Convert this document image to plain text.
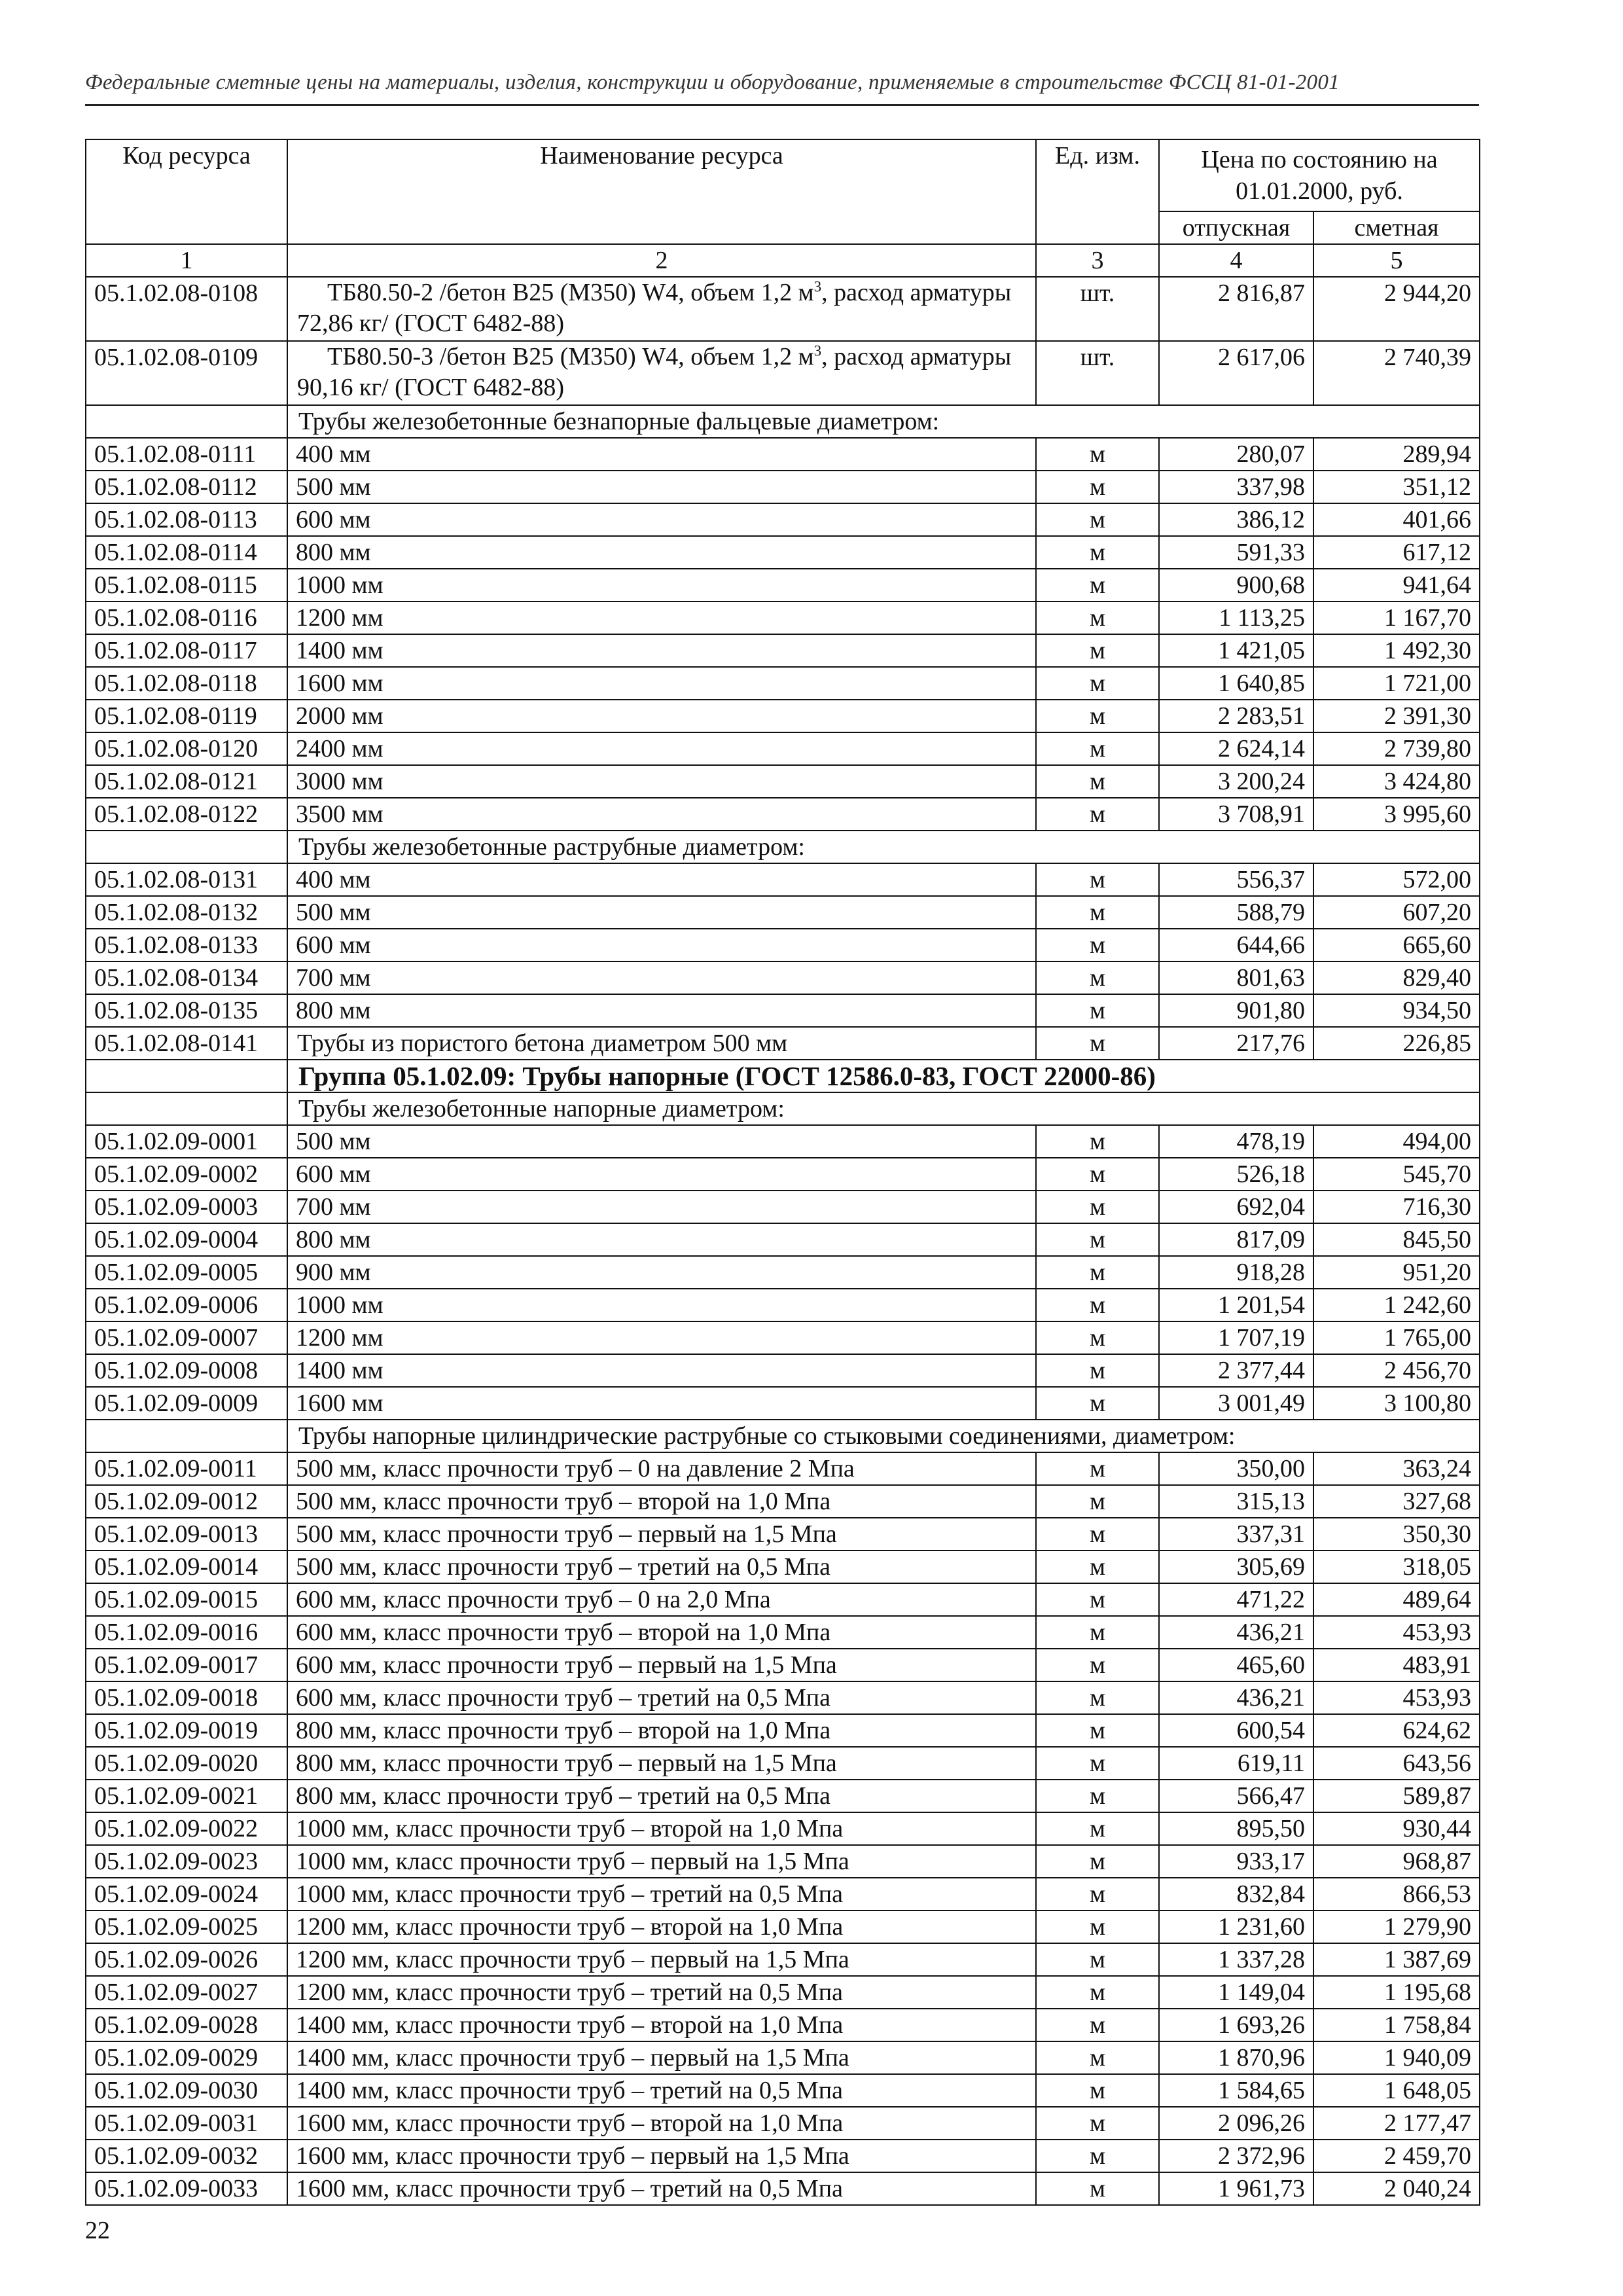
Федеральные сметные цены на материалы, изделия, конструкции и оборудование, применяемые в строительстве ФССЦ 81-01-2001
Код ресурса	Наименование ресурса	Ед. изм.	Цена по состоянию на 01.01.2000, руб.	
			отпускная	сметная
1	2	3	4	5
05.1.02.08-0108	ТБ80.50-2 /бетон В25 (М350) W4, объем 1,2 $м^3$, расход арматуры 72,86 кг/ (ГОСТ 6482-88)	шт.	2 816,87	2 944,20
05.1.02.08-0109	ТБ80.50-3 /бетон В25 (М350) W4, объем 1,2 $м^3$, расход арматуры 90,16 кг/ (ГОСТ 6482-88)	шт.	2 617,06	2 740,39
	Трубы железобетонные безнапорные фальцевые диаметром:			
05.1.02.08-0111	400 мм	м	280,07	289,94
05.1.02.08-0112	500 мм	м	337,98	351,12
05.1.02.08-0113	600 мм	м	386,12	401,66
05.1.02.08-0114	800 мм	м	591,33	617,12
05.1.02.08-0115	1000 мм	м	900,68	941,64
05.1.02.08-0116	1200 мм	м	1 113,25	1 167,70
05.1.02.08-0117	1400 мм	м	1 421,05	1 492,30
05.1.02.08-0118	1600 мм	м	1 640,85	1 721,00
05.1.02.08-0119	2000 мм	м	2 283,51	2 391,30
05.1.02.08-0120	2400 мм	м	2 624,14	2 739,80
05.1.02.08-0121	3000 мм	м	3 200,24	3 424,80
05.1.02.08-0122	3500 мм	м	3 708,91	3 995,60
	Трубы железобетонные раструбные диаметром:			
05.1.02.08-0131	400 мм	м	556,37	572,00
05.1.02.08-0132	500 мм	м	588,79	607,20
05.1.02.08-0133	600 мм	м	644,66	665,60
05.1.02.08-0134	700 мм	м	801,63	829,40
05.1.02.08-0135	800 мм	м	901,80	934,50
05.1.02.08-0141	Трубы из пористого бетона диаметром 500 мм	м	217,76	226,85
	Группа 05.1.02.09: Трубы напорные (ГОСТ 12586.0-83, ГОСТ 22000-86)			
	Трубы железобетонные напорные диаметром:			
05.1.02.09-0001	500 мм	м	478,19	494,00
05.1.02.09-0002	600 мм	м	526,18	545,70
05.1.02.09-0003	700 мм	м	692,04	716,30
05.1.02.09-0004	800 мм	м	817,09	845,50
05.1.02.09-0005	900 мм	м	918,28	951,20
05.1.02.09-0006	1000 мм	м	1 201,54	1 242,60
05.1.02.09-0007	1200 мм	м	1 707,19	1 765,00
05.1.02.09-0008	1400 мм	м	2 377,44	2 456,70
05.1.02.09-0009	1600 мм	м	3 001,49	3 100,80
	Трубы напорные цилиндрические раструбные со стыковыми соединениями, диаметром:			
05.1.02.09-0011	500 мм, класс прочности труб – 0 на давление 2 Мпа	м	350,00	363,24
05.1.02.09-0012	500 мм, класс прочности труб – второй на 1,0 Мпа	м	315,13	327,68
05.1.02.09-0013	500 мм, класс прочности труб – первый на 1,5 Мпа	м	337,31	350,30
05.1.02.09-0014	500 мм, класс прочности труб – третий на 0,5 Мпа	м	305,69	318,05
05.1.02.09-0015	600 мм, класс прочности труб – 0 на 2,0 Мпа	м	471,22	489,64
05.1.02.09-0016	600 мм, класс прочности труб – второй на 1,0 Мпа	м	436,21	453,93
05.1.02.09-0017	600 мм, класс прочности труб – первый на 1,5 Мпа	м	465,60	483,91
05.1.02.09-0018	600 мм, класс прочности труб – третий на 0,5 Мпа	м	436,21	453,93
05.1.02.09-0019	800 мм, класс прочности труб – второй на 1,0 Мпа	м	600,54	624,62
05.1.02.09-0020	800 мм, класс прочности труб – первый на 1,5 Мпа	м	619,11	643,56
05.1.02.09-0021	800 мм, класс прочности труб – третий на 0,5 Мпа	м	566,47	589,87
05.1.02.09-0022	1000 мм, класс прочности труб – второй на 1,0 Мпа	м	895,50	930,44
05.1.02.09-0023	1000 мм, класс прочности труб – первый на 1,5 Мпа	м	933,17	968,87
05.1.02.09-0024	1000 мм, класс прочности труб – третий на 0,5 Мпа	м	832,84	866,53
05.1.02.09-0025	1200 мм, класс прочности труб – второй на 1,0 Мпа	м	1 231,60	1 279,90
05.1.02.09-0026	1200 мм, класс прочности труб – первый на 1,5 Мпа	м	1 337,28	1 387,69
05.1.02.09-0027	1200 мм, класс прочности труб – третий на 0,5 Мпа	м	1 149,04	1 195,68
05.1.02.09-0028	1400 мм, класс прочности труб – второй на 1,0 Мпа	м	1 693,26	1 758,84
05.1.02.09-0029	1400 мм, класс прочности труб – первый на 1,5 Мпа	м	1 870,96	1 940,09
05.1.02.09-0030	1400 мм, класс прочности труб – третий на 0,5 Мпа	м	1 584,65	1 648,05
05.1.02.09-0031	1600 мм, класс прочности труб – второй на 1,0 Мпа	м	2 096,26	2 177,47
05.1.02.09-0032	1600 мм, класс прочности труб – первый на 1,5 Мпа	м	2 372,96	2 459,70
05.1.02.09-0033	1600 мм, класс прочности труб – третий на 0,5 Мпа	м	1 961,73	2 040,24
22
